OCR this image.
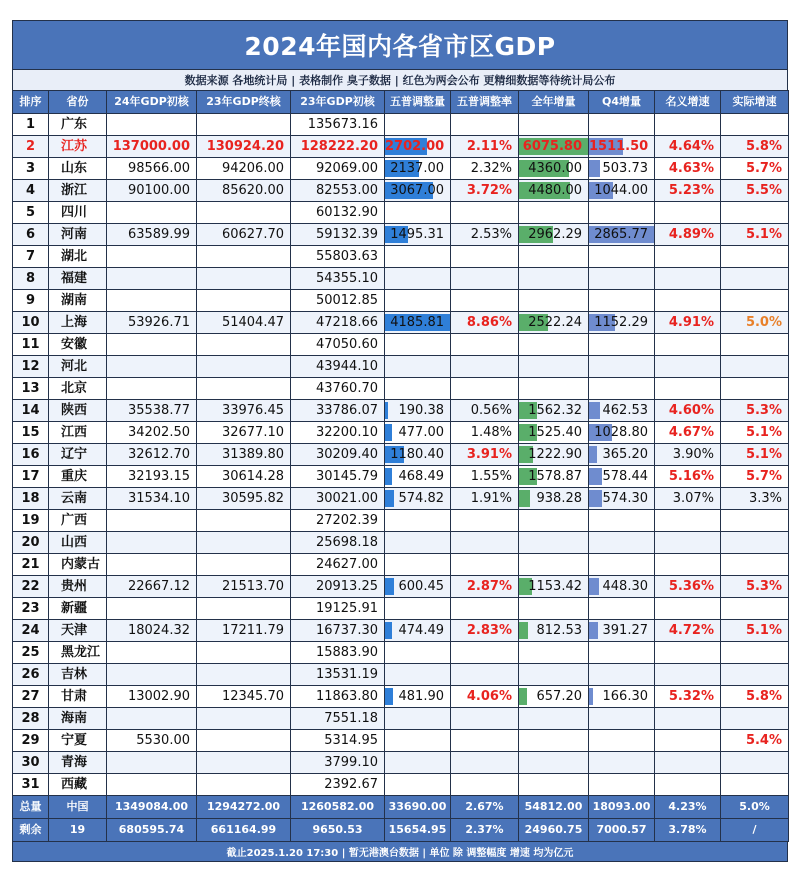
2024年国内各省市区GDP
数据来源 各地统计局 | 表格制作 臭子数据 | 红色为两会公布 更精细数据等待统计局公布
排序	省份	24年GDP初核	23年GDP终核	23年GDP初核	五普调整量	五普调整率	全年增量	Q4增量	名义增速	实际增速
1	广东			135673.16						
2	江苏	137000.00	130924.20	128222.20	2702.00	2.11%	6075.80	1511.50	4.64%	5.8%
3	山东	98566.00	94206.00	92069.00	2137.00	2.32%	4360.00	503.73	4.63%	5.7%
4	浙江	90100.00	85620.00	82553.00	3067.00	3.72%	4480.00	1044.00	5.23%	5.5%
5	四川			60132.90						
6	河南	63589.99	60627.70	59132.39	1495.31	2.53%	2962.29	2865.77	4.89%	5.1%
7	湖北			55803.63						
8	福建			54355.10						
9	湖南			50012.85						
10	上海	53926.71	51404.47	47218.66	4185.81	8.86%	2522.24	1152.29	4.91%	5.0%
11	安徽			47050.60						
12	河北			43944.10						
13	北京			43760.70						
14	陕西	35538.77	33976.45	33786.07	190.38	0.56%	1562.32	462.53	4.60%	5.3%
15	江西	34202.50	32677.10	32200.10	477.00	1.48%	1525.40	1028.80	4.67%	5.1%
16	辽宁	32612.70	31389.80	30209.40	1180.40	3.91%	1222.90	365.20	3.90%	5.1%
17	重庆	32193.15	30614.28	30145.79	468.49	1.55%	1578.87	578.44	5.16%	5.7%
18	云南	31534.10	30595.82	30021.00	574.82	1.91%	938.28	574.30	3.07%	3.3%
19	广西			27202.39						
20	山西			25698.18						
21	内蒙古			24627.00						
22	贵州	22667.12	21513.70	20913.25	600.45	2.87%	1153.42	448.30	5.36%	5.3%
23	新疆			19125.91						
24	天津	18024.32	17211.79	16737.30	474.49	2.83%	812.53	391.27	4.72%	5.1%
25	黑龙江			15883.90						
26	吉林			13531.19						
27	甘肃	13002.90	12345.70	11863.80	481.90	4.06%	657.20	166.30	5.32%	5.8%
28	海南			7551.18						
29	宁夏	5530.00		5314.95						5.4%
30	青海			3799.10						
31	西藏			2392.67						
总量	中国	1349084.00	1294272.00	1260582.00	33690.00	2.67%	54812.00	18093.00	4.23%	5.0%
剩余	19	680595.74	661164.99	9650.53	15654.95	2.37%	24960.75	7000.57	3.78%	/
截止2025.1.20 17:30 | 暂无港澳台数据 | 单位 除 调整幅度 增速 均为亿元
